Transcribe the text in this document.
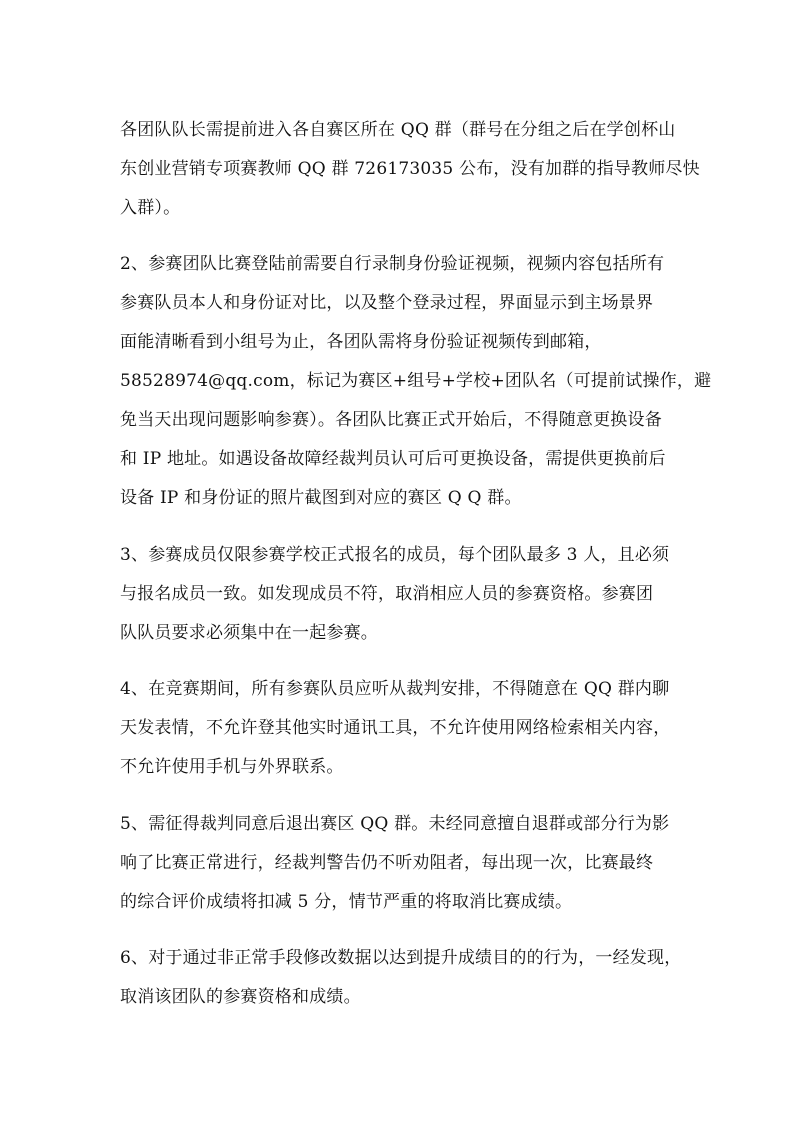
各团队队长需提前进入各自赛区所在 QQ 群（群号在分组之后在学创杯山
东创业营销专项赛教师 QQ 群 726173035 公布，没有加群的指导教师尽快
入群）。
2、参赛团队比赛登陆前需要自行录制身份验证视频，视频内容包括所有
参赛队员本人和身份证对比，以及整个登录过程，界面显示到主场景界
面能清晰看到小组号为止，各团队需将身份验证视频传到邮箱，
58528974@qq.com，标记为赛区+组号+学校+团队名（可提前试操作，避
免当天出现问题影响参赛）。各团队比赛正式开始后，不得随意更换设备
和 IP 地址。如遇设备故障经裁判员认可后可更换设备，需提供更换前后
设备 IP 和身份证的照片截图到对应的赛区 Q Q 群。
3、参赛成员仅限参赛学校正式报名的成员，每个团队最多 3 人，且必须
与报名成员一致。如发现成员不符，取消相应人员的参赛资格。参赛团
队队员要求必须集中在一起参赛。
4、在竞赛期间，所有参赛队员应听从裁判安排，不得随意在 QQ 群内聊
天发表情，不允许登其他实时通讯工具，不允许使用网络检索相关内容，
不允许使用手机与外界联系。
5、需征得裁判同意后退出赛区 QQ 群。未经同意擅自退群或部分行为影
响了比赛正常进行，经裁判警告仍不听劝阻者，每出现一次，比赛最终
的综合评价成绩将扣减 5 分，情节严重的将取消比赛成绩。
6、对于通过非正常手段修改数据以达到提升成绩目的的行为，一经发现，
取消该团队的参赛资格和成绩。
